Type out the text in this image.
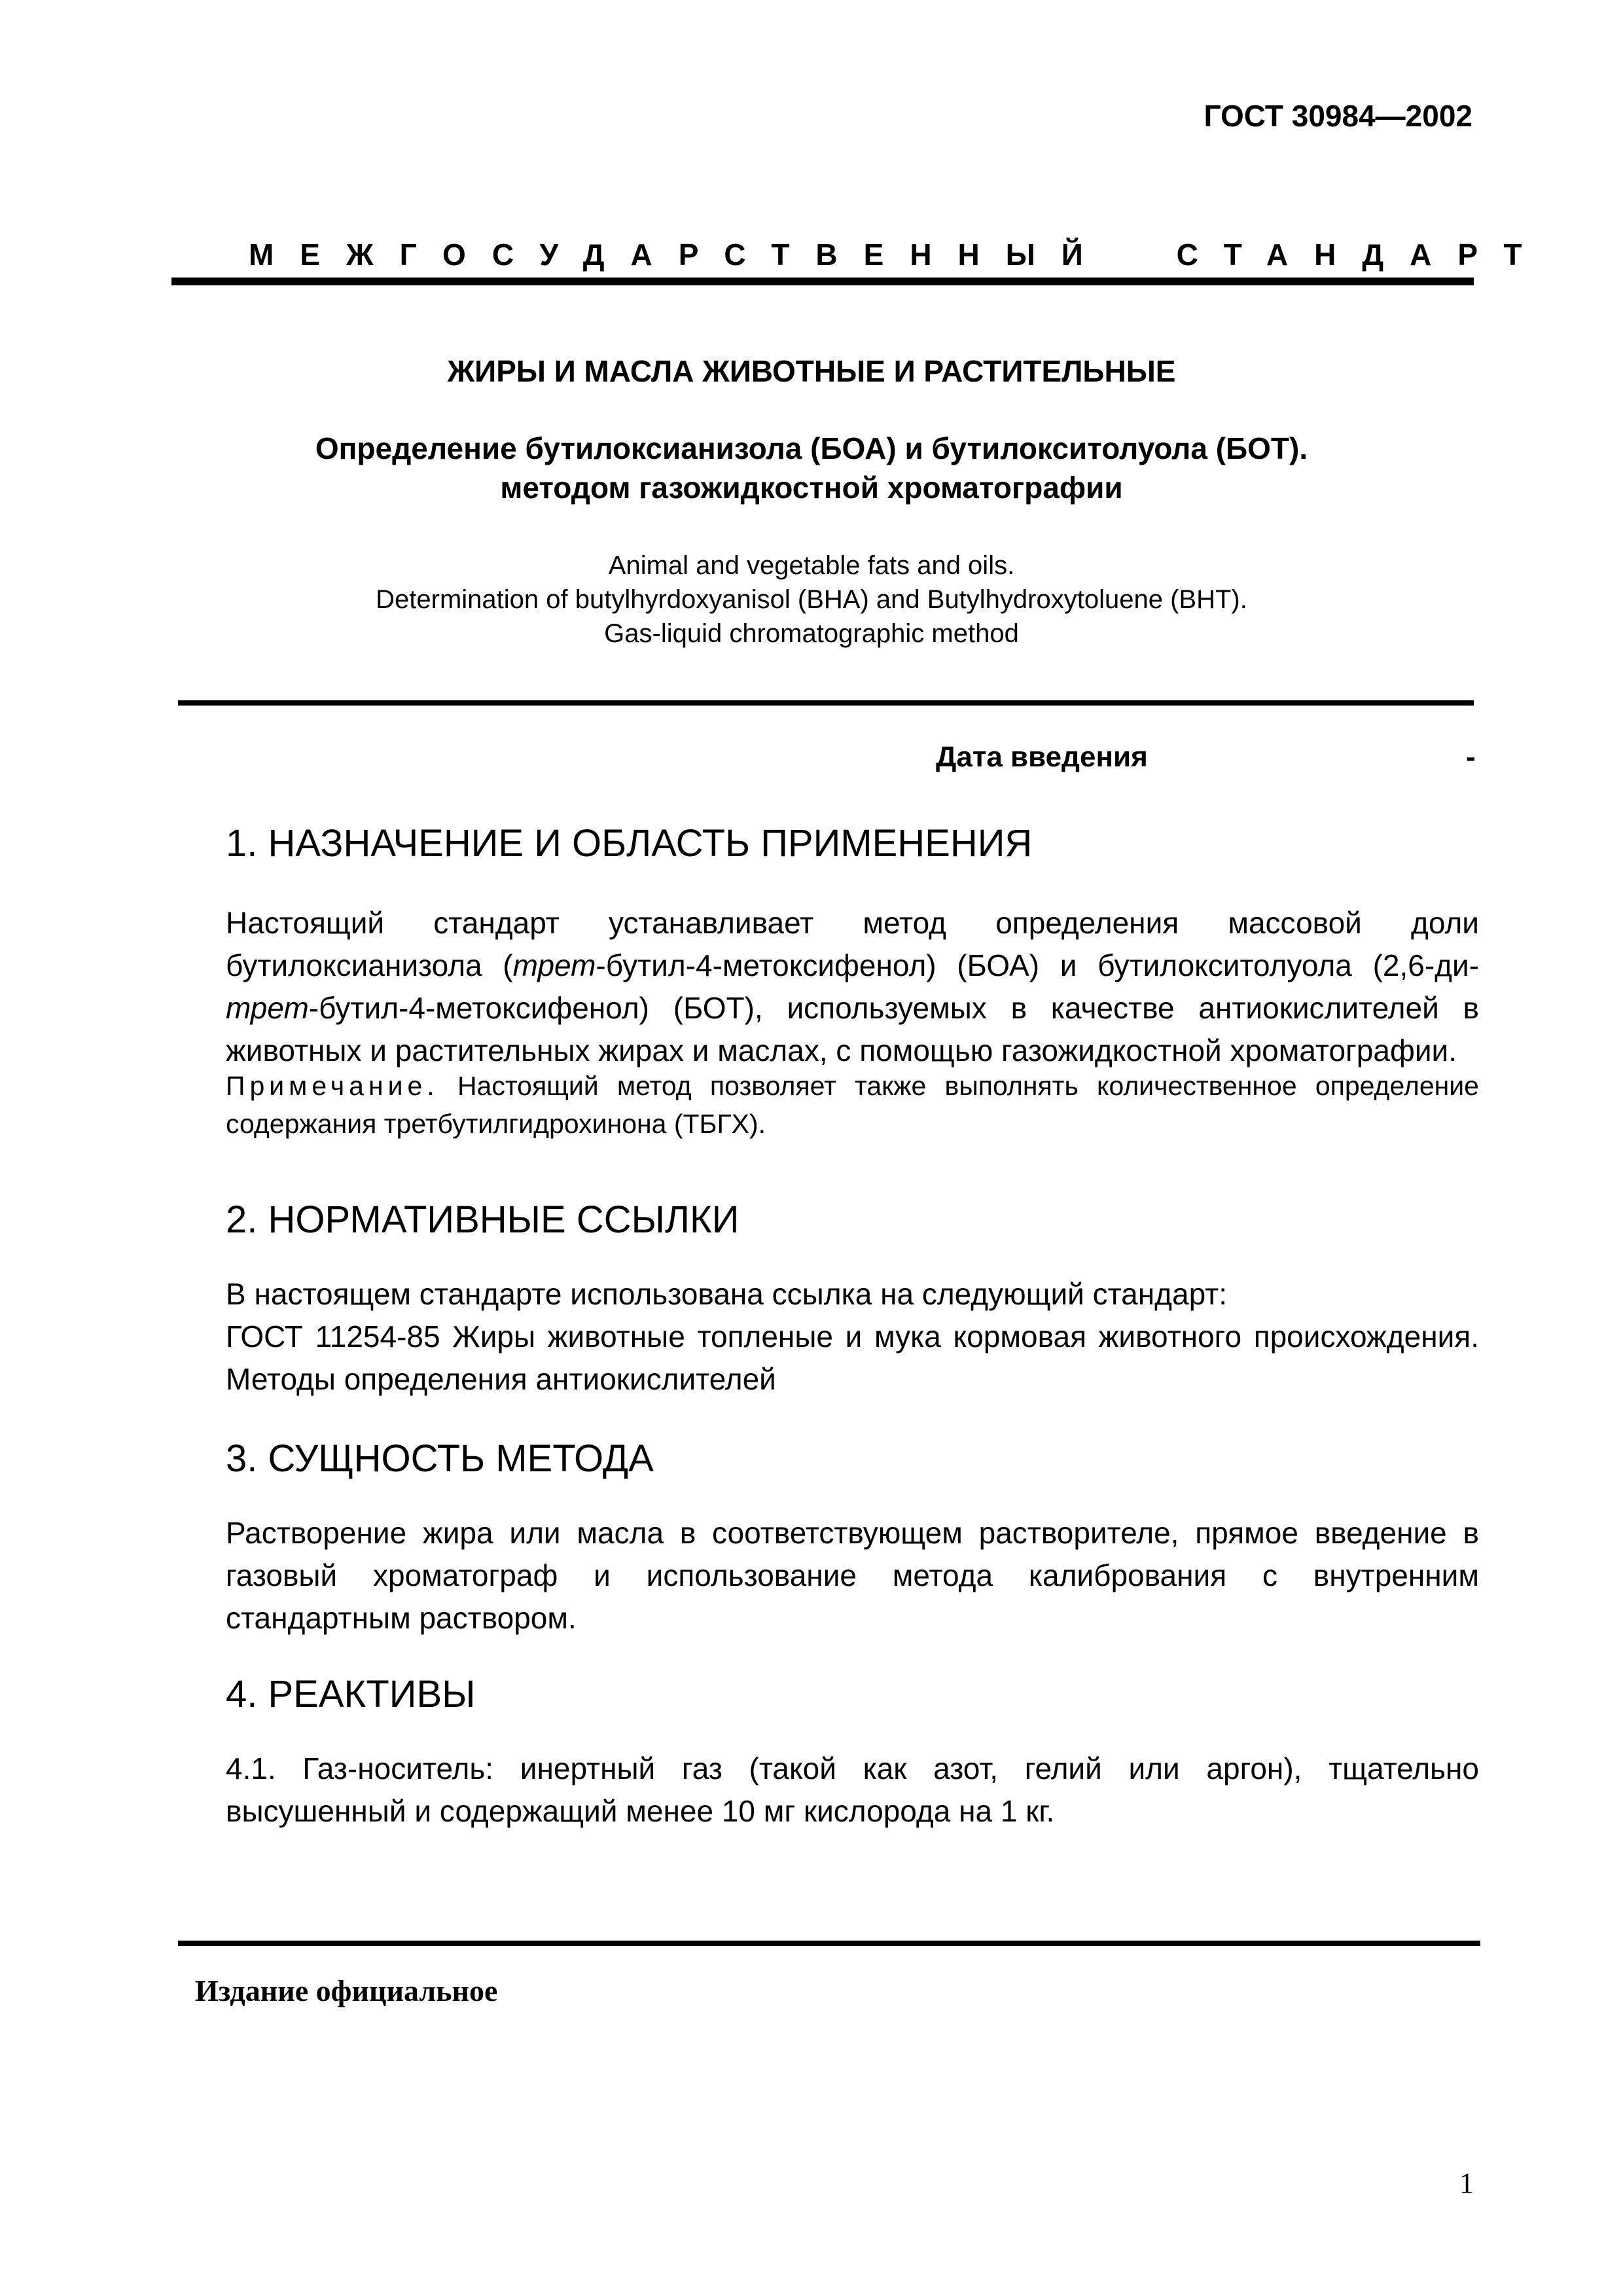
ГОСТ 30984—2002
МЕЖГОСУДАРСТВЕННЫЙ СТАНДАРТ
ЖИРЫ И МАСЛА ЖИВОТНЫЕ И РАСТИТЕЛЬНЫЕ
Определение бутилоксианизола (БОА) и бутилокситолуола (БОТ).
методом газожидкостной хроматографии
Animal and vegetable fats and oils.
Determination of butylhyrdoxyanisol (BHA) and Butylhydroxytoluene (BHT).
Gas-liquid chromatographic method
Дата введения	-
1. НАЗНАЧЕНИЕ И ОБЛАСТЬ ПРИМЕНЕНИЯ
Настоящий стандарт устанавливает метод определения массовой доли бутилоксианизола (трет-бутил-4-метоксифенол) (БОА) и бутилокситолуола (2,6-ди-трет-бутил-4-метоксифенол) (БОТ), используемых в качестве антиокислителей в животных и растительных жирах и маслах, с помощью газожидкостной хроматографии.
Примечание. Настоящий метод позволяет также выполнять количественное определение содержания третбутилгидрохинона (ТБГХ).
2. НОРМАТИВНЫЕ ССЫЛКИ
В настоящем стандарте использована ссылка на следующий стандарт:
ГОСТ 11254-85 Жиры животные топленые и мука кормовая животного происхождения. Методы определения антиокислителей
3. СУЩНОСТЬ МЕТОДА
Растворение жира или масла в соответствующем растворителе, прямое введение в газовый хроматограф и использование метода калибрования с внутренним стандартным раствором.
4. РЕАКТИВЫ
4.1. Газ-носитель: инертный газ (такой как азот, гелий или аргон), тщательно высушенный и содержащий менее 10 мг кислорода на 1 кг.
Издание официальное
1
